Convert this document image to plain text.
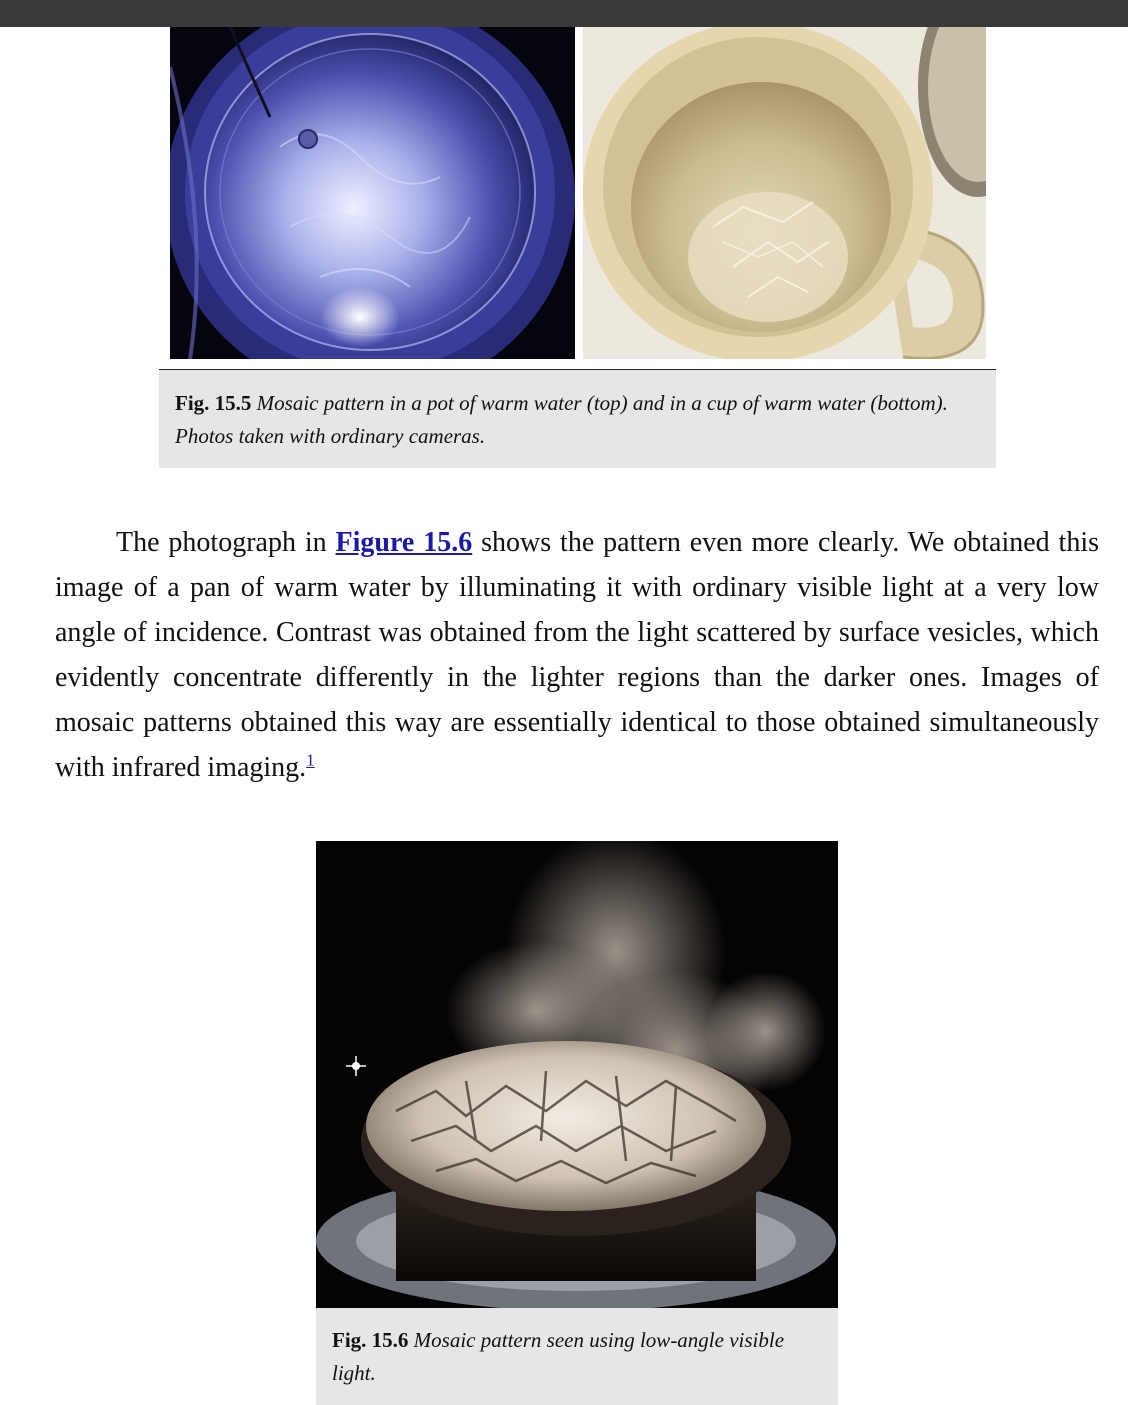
Fig. 15.5 Mosaic pattern in a pot of warm water (top) and in a cup of warm water (bottom). Photos taken with ordinary cameras.

The photograph in Figure 15.6 shows the pattern even more clearly. We obtained this image of a pan of warm water by illuminating it with ordinary visible light at a very low angle of incidence. Contrast was obtained from the light scattered by surface vesicles, which evidently concentrate differently in the lighter regions than the darker ones. Images of mosaic patterns obtained this way are essentially identical to those obtained simultaneously with infrared imaging.$^1$

Fig. 15.6 Mosaic pattern seen using low-angle visible light.
